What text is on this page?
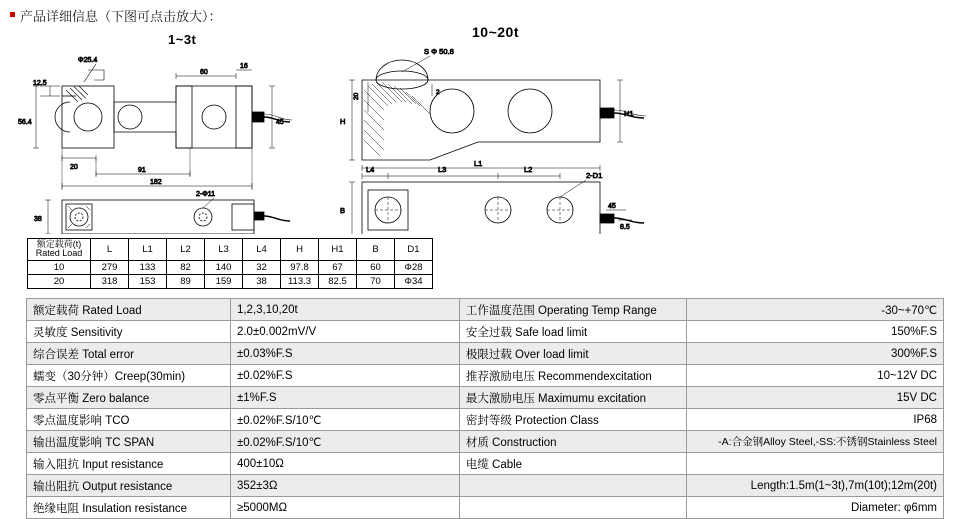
产品详细信息（下图可点击放大）：
1~3t	10~20t
Φ25.4
12.5
56.4
20
60
16
45
91
182
38
2-Φ11
S Φ 50.8
H
20
2
H1
L1
B
L4	L3	L2
2-D1
45
8.5
额定载荷(t)
Rated Load	L	L1	L2	L3	L4	H	H1	B	D1
10	279	133	82	140	32	97.8	67	60	Φ28
20	318	153	89	159	38	113.3	82.5	70	Φ34
额定载荷 Rated Load	1,2,3,10,20t	工作温度范围 Operating Temp Range	-30~+70℃
灵敏度 Sensitivity	2.0±0.002mV/V	安全过载 Safe load limit	150%F.S
综合误差 Total error	±0.03%F.S	极限过载 Over load limit	300%F.S
蠕变（30分钟）Creep(30min)	±0.02%F.S	推荐激励电压 Recommendexcitation	10~12V DC
零点平衡 Zero balance	±1%F.S	最大激励电压 Maximumu excitation	15V DC
零点温度影响 TCO	±0.02%F.S/10℃	密封等级 Protection Class	IP68
输出温度影响 TC SPAN	±0.02%F.S/10℃	材质 Construction	-A:合金钢Alloy Steel,-SS:不锈钢Stainless Steel
输入阻抗 Input resistance	400±10Ω	电缆 Cable	
输出阻抗 Output resistance	352±3Ω		Length:1.5m(1~3t),7m(10t);12m(20t)
绝缘电阻 Insulation resistance	≥5000MΩ		Diameter: φ6mm
